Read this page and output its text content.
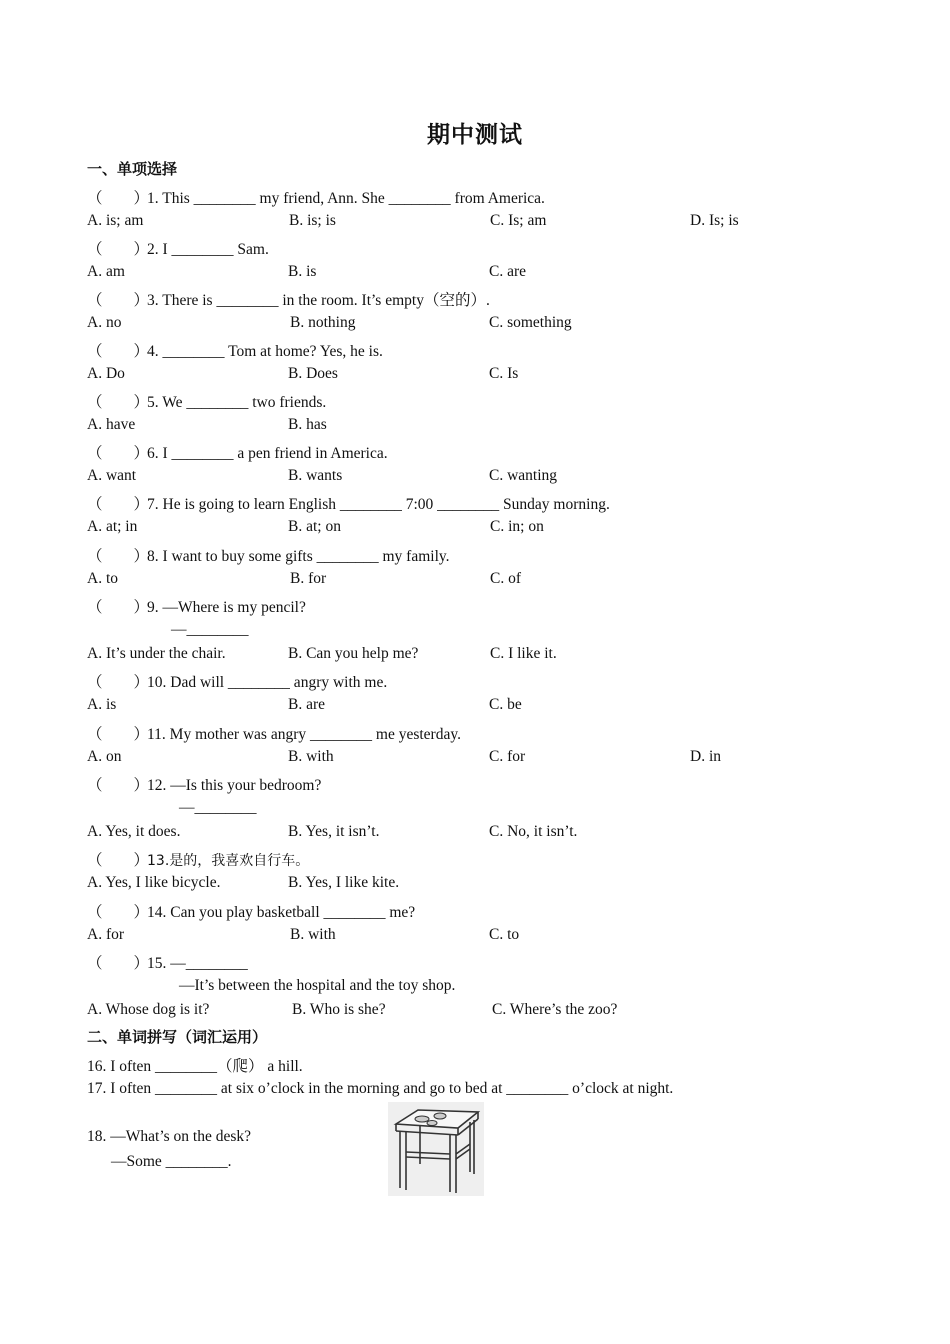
期中测试
一、单项选择
（        ）1. This ________ my friend, Ann. She ________ from America.
A. is; am	B. is; is	C. Is; am	D. Is; is
（        ）2. I ________ Sam.
A. am	B. is	C. are
（        ）3. There is ________ in the room. It’s empty（空的）.
A. no	B. nothing	C. something
（        ）4. ________ Tom at home? Yes, he is.
A. Do	B. Does	C. Is
（        ）5. We ________ two friends.
A. have	B. has
（        ）6. I ________ a pen friend in America.
A. want	B. wants	C. wanting
（        ）7. He is going to learn English ________ 7:00 ________ Sunday morning.
A. at; in	B. at; on	C. in; on
（        ）8. I want to buy some gifts ________ my family.
A. to	B. for	C. of
（        ）9. —Where is my pencil?
—________
A. It’s under the chair.	B. Can you help me?	C. I like it.
（        ）10. Dad will ________ angry with me.
A. is	B. are	C. be
（        ）11. My mother was angry ________ me yesterday.
A. on	B. with	C. for	D. in
（        ）12. —Is this your bedroom?
—________
A. Yes, it does.	B. Yes, it isn’t.	C. No, it isn’t.
（        ）13.是的，我喜欢自行车。
A. Yes, I like bicycle.	B. Yes, I like kite.
（        ）14. Can you play basketball ________ me?
A. for	B. with	C. to
（        ）15. —________
—It’s between the hospital and the toy shop.
A. Whose dog is it?	B. Who is she?	C. Where’s the zoo?
二、单词拼写（词汇运用）
16. I often ________（爬） a hill.
17. I often ________ at six o’clock in the morning and go to bed at ________ o’clock at night.
18. —What’s on the desk?
—Some ________.
